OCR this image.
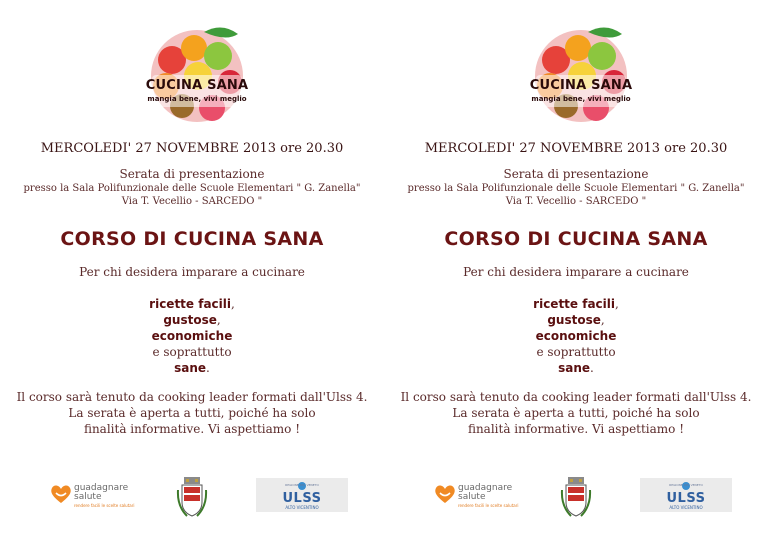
CUCINA SANA
mangia bene, vivi meglio
MERCOLEDI' 27 NOVEMBRE 2013 ore 20.30
Serata di presentazione
presso la Sala Polifunzionale delle Scuole Elementari " G. Zanella"
Via T. Vecellio - SARCEDO "
CORSO DI CUCINA SANA
Per chi desidera imparare a cucinare
ricette facili,
gustose,
economiche
e soprattutto
sane.
Il corso sarà tenuto da cooking leader formati dall'Ulss 4.
La serata è aperta a tutti, poiché ha solo
finalità informative. Vi aspettiamo !
guadagnare
salute
rendere facili le scelte salutari
REGIONE DEL VENETO
ULSS
ALTO VICENTINO
CUCINA SANA
mangia bene, vivi meglio
MERCOLEDI' 27 NOVEMBRE 2013 ore 20.30
Serata di presentazione
presso la Sala Polifunzionale delle Scuole Elementari " G. Zanella"
Via T. Vecellio - SARCEDO "
CORSO DI CUCINA SANA
Per chi desidera imparare a cucinare
ricette facili,
gustose,
economiche
e soprattutto
sane.
Il corso sarà tenuto da cooking leader formati dall'Ulss 4.
La serata è aperta a tutti, poiché ha solo
finalità informative. Vi aspettiamo !
guadagnare
salute
rendere facili le scelte salutari
REGIONE DEL VENETO
ULSS
ALTO VICENTINO
